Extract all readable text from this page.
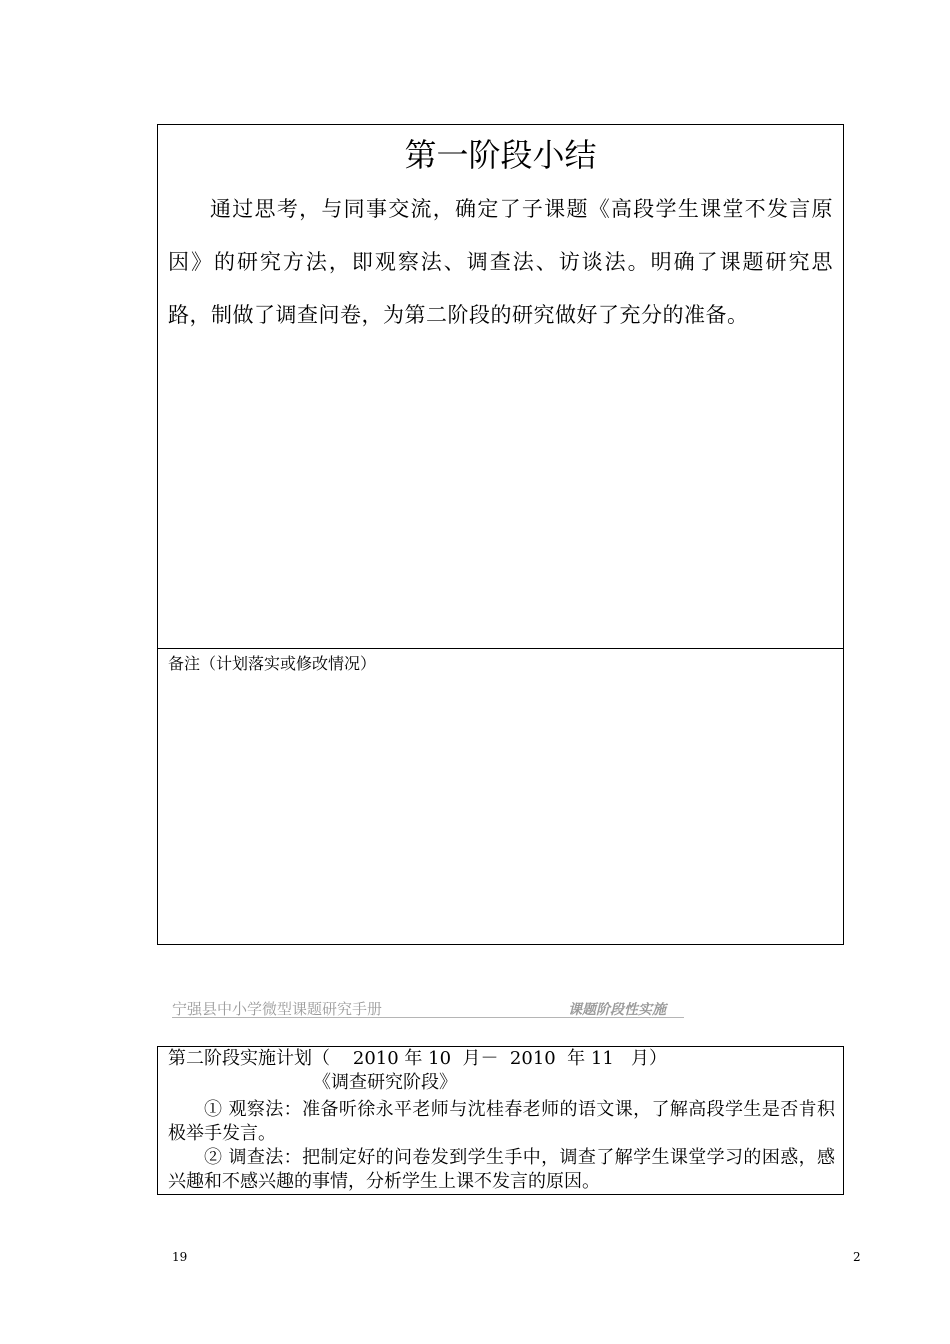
第一阶段小结
通过思考，与同事交流，确定了子课题《高段学生课堂不发言原因》的研究方法，即观察法、调查法、访谈法。明确了课题研究思路，制做了调查问卷，为第二阶段的研究做好了充分的准备。
备注（计划落实或修改情况）
宁强县中小学微型课题研究手册	课题阶段性实施
第二阶段实施计划（    2010 年 10  月－  2010  年 11   月）
《调查研究阶段》
① 观察法：准备听徐永平老师与沈桂春老师的语文课，了解高段学生是否肯积极举手发言。
② 调查法：把制定好的问卷发到学生手中，调查了解学生课堂学习的困惑，感兴趣和不感兴趣的事情，分析学生上课不发言的原因。
19	2
